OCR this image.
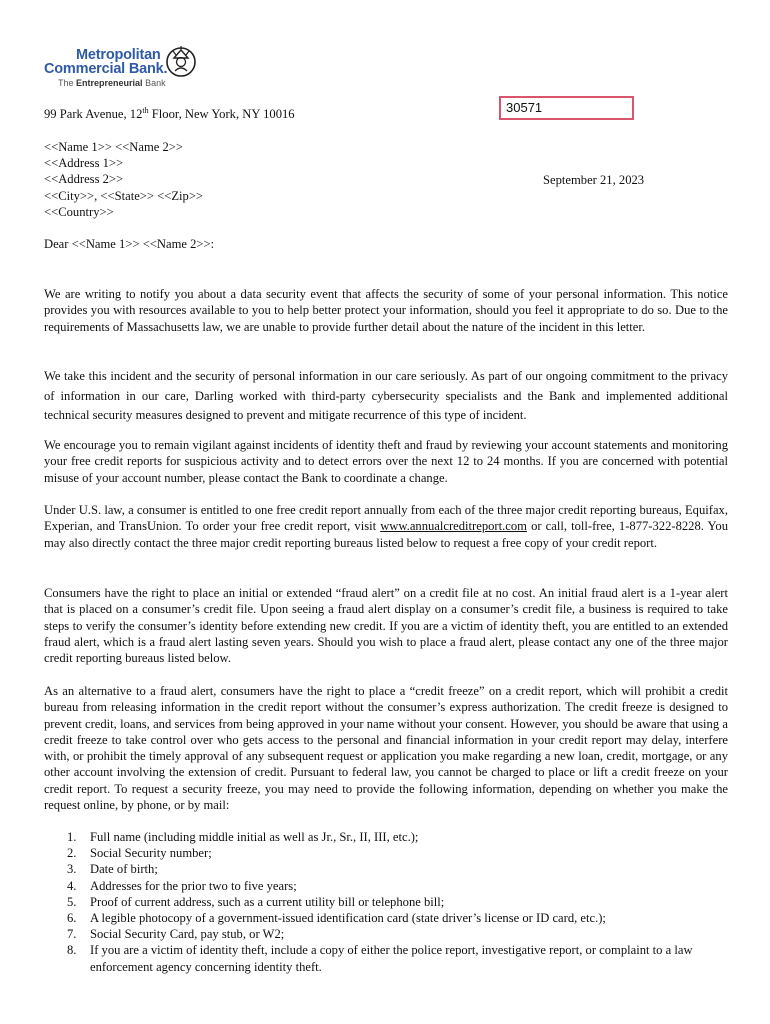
Metropolitan
Commercial Bank.
The Entrepreneurial Bank
99 Park Avenue, 12th Floor, New York, NY 10016	30571
<<Name 1>> <<Name 2>>
<<Address 1>>
<<Address 2>>
<<City>>, <<State>> <<Zip>>
<<Country>>
September 21, 2023
Dear <<Name 1>> <<Name 2>>:

We are writing to notify you about a data security event that affects the security of some of your personal information. This notice provides you with resources available to you to help better protect your information, should you feel it appropriate to do so. Due to the requirements of Massachusetts law, we are unable to provide further detail about the nature of the incident in this letter.

We take this incident and the security of personal information in our care seriously. As part of our ongoing commitment to the privacy of information in our care, Darling worked with third-party cybersecurity specialists and the Bank and implemented additional technical security measures designed to prevent and mitigate recurrence of this type of incident.

We encourage you to remain vigilant against incidents of identity theft and fraud by reviewing your account statements and monitoring your free credit reports for suspicious activity and to detect errors over the next 12 to 24 months. If you are concerned with potential misuse of your account number, please contact the Bank to coordinate a change.

Under U.S. law, a consumer is entitled to one free credit report annually from each of the three major credit reporting bureaus, Equifax, Experian, and TransUnion. To order your free credit report, visit www.annualcreditreport.com or call, toll-free, 1-877-322-8228. You may also directly contact the three major credit reporting bureaus listed below to request a free copy of your credit report.

Consumers have the right to place an initial or extended “fraud alert” on a credit file at no cost. An initial fraud alert is a 1-year alert that is placed on a consumer’s credit file. Upon seeing a fraud alert display on a consumer’s credit file, a business is required to take steps to verify the consumer’s identity before extending new credit. If you are a victim of identity theft, you are entitled to an extended fraud alert, which is a fraud alert lasting seven years. Should you wish to place a fraud alert, please contact any one of the three major credit reporting bureaus listed below.

As an alternative to a fraud alert, consumers have the right to place a “credit freeze” on a credit report, which will prohibit a credit bureau from releasing information in the credit report without the consumer’s express authorization. The credit freeze is designed to prevent credit, loans, and services from being approved in your name without your consent. However, you should be aware that using a credit freeze to take control over who gets access to the personal and financial information in your credit report may delay, interfere with, or prohibit the timely approval of any subsequent request or application you make regarding a new loan, credit, mortgage, or any other account involving the extension of credit. Pursuant to federal law, you cannot be charged to place or lift a credit freeze on your credit report. To request a security freeze, you may need to provide the following information, depending on whether you make the request online, by phone, or by mail:

1. Full name (including middle initial as well as Jr., Sr., II, III, etc.);
2. Social Security number;
3. Date of birth;
4. Addresses for the prior two to five years;
5. Proof of current address, such as a current utility bill or telephone bill;
6. A legible photocopy of a government-issued identification card (state driver’s license or ID card, etc.);
7. Social Security Card, pay stub, or W2;
8. If you are a victim of identity theft, include a copy of either the police report, investigative report, or complaint to a law enforcement agency concerning identity theft.
